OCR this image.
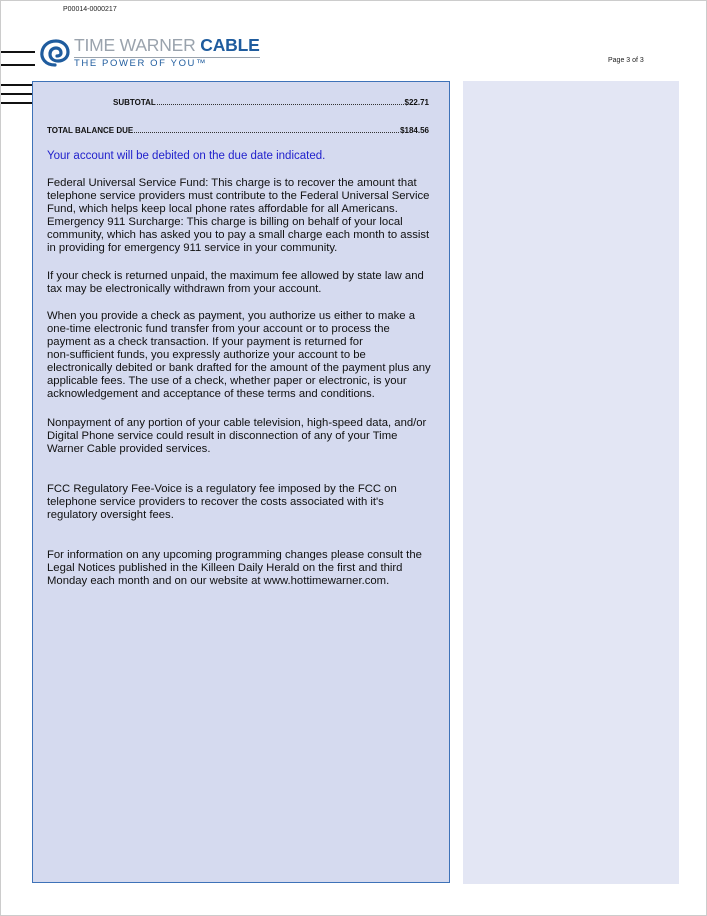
P00014-0000217
TIME WARNER CABLE
THE POWER OF YOU™	Page 3 of 3
SUBTOTAL	$22.71
TOTAL BALANCE DUE	$184.56
Your account will be debited on the due date indicated.
Federal Universal Service Fund: This charge is to recover the amount that
telephone service providers must contribute to the Federal Universal Service
Fund, which helps keep local phone rates affordable for all Americans.
Emergency 911 Surcharge: This charge is billing on behalf of your local
community, which has asked you to pay a small charge each month to assist
in providing for emergency 911 service in your community.
If your check is returned unpaid, the maximum fee allowed by state law and
tax may be electronically withdrawn from your account.
When you provide a check as payment, you authorize us either to make a
one-time electronic fund transfer from your account or to process the
payment as a check transaction. If your payment is returned for
non-sufficient funds, you expressly authorize your account to be
electronically debited or bank drafted for the amount of the payment plus any
applicable fees. The use of a check, whether paper or electronic, is your
acknowledgement and acceptance of these terms and conditions.
Nonpayment of any portion of your cable television, high-speed data, and/or
Digital Phone service could result in disconnection of any of your Time
Warner Cable provided services.
FCC Regulatory Fee-Voice is a regulatory fee imposed by the FCC on
telephone service providers to recover the costs associated with it's
regulatory oversight fees.
For information on any upcoming programming changes please consult the
Legal Notices published in the Killeen Daily Herald on the first and third
Monday each month and on our website at www.hottimewarner.com.
